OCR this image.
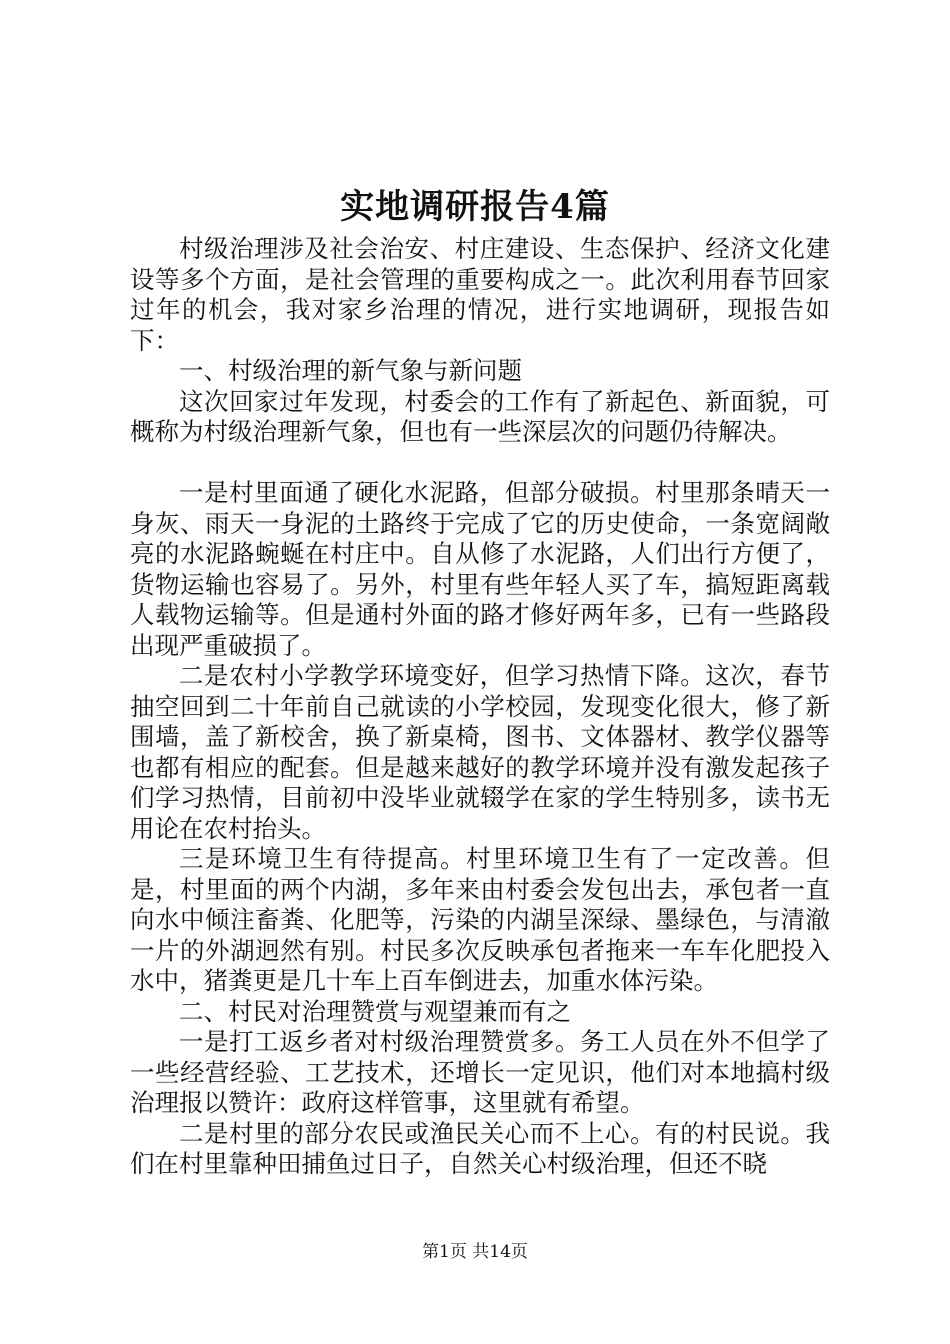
实地调研报告4篇

村级治理涉及社会治安、村庄建设、生态保护、经济文化建设等多个方面，是社会管理的重要构成之一。此次利用春节回家过年的机会，我对家乡治理的情况，进行实地调研，现报告如下：

一、村级治理的新气象与新问题

这次回家过年发现，村委会的工作有了新起色、新面貌，可概称为村级治理新气象，但也有一些深层次的问题仍待解决。

一是村里面通了硬化水泥路，但部分破损。村里那条晴天一身灰、雨天一身泥的土路终于完成了它的历史使命，一条宽阔敞亮的水泥路蜿蜒在村庄中。自从修了水泥路，人们出行方便了，货物运输也容易了。另外，村里有些年轻人买了车，搞短距离载人载物运输等。但是通村外面的路才修好两年多，已有一些路段出现严重破损了。

二是农村小学教学环境变好，但学习热情下降。这次，春节抽空回到二十年前自己就读的小学校园，发现变化很大，修了新围墙，盖了新校舍，换了新桌椅，图书、文体器材、教学仪器等也都有相应的配套。但是越来越好的教学环境并没有激发起孩子们学习热情，目前初中没毕业就辍学在家的学生特别多，读书无用论在农村抬头。

三是环境卫生有待提高。村里环境卫生有了一定改善。但是，村里面的两个内湖，多年来由村委会发包出去，承包者一直向水中倾注畜粪、化肥等，污染的内湖呈深绿、墨绿色，与清澈一片的外湖迥然有别。村民多次反映承包者拖来一车车化肥投入水中，猪粪更是几十车上百车倒进去，加重水体污染。

二、村民对治理赞赏与观望兼而有之

一是打工返乡者对村级治理赞赏多。务工人员在外不但学了一些经营经验、工艺技术，还增长一定见识，他们对本地搞村级治理报以赞许：政府这样管事，这里就有希望。

二是村里的部分农民或渔民关心而不上心。有的村民说。我们在村里靠种田捕鱼过日子，自然关心村级治理，但还不晓

第1页 共14页
